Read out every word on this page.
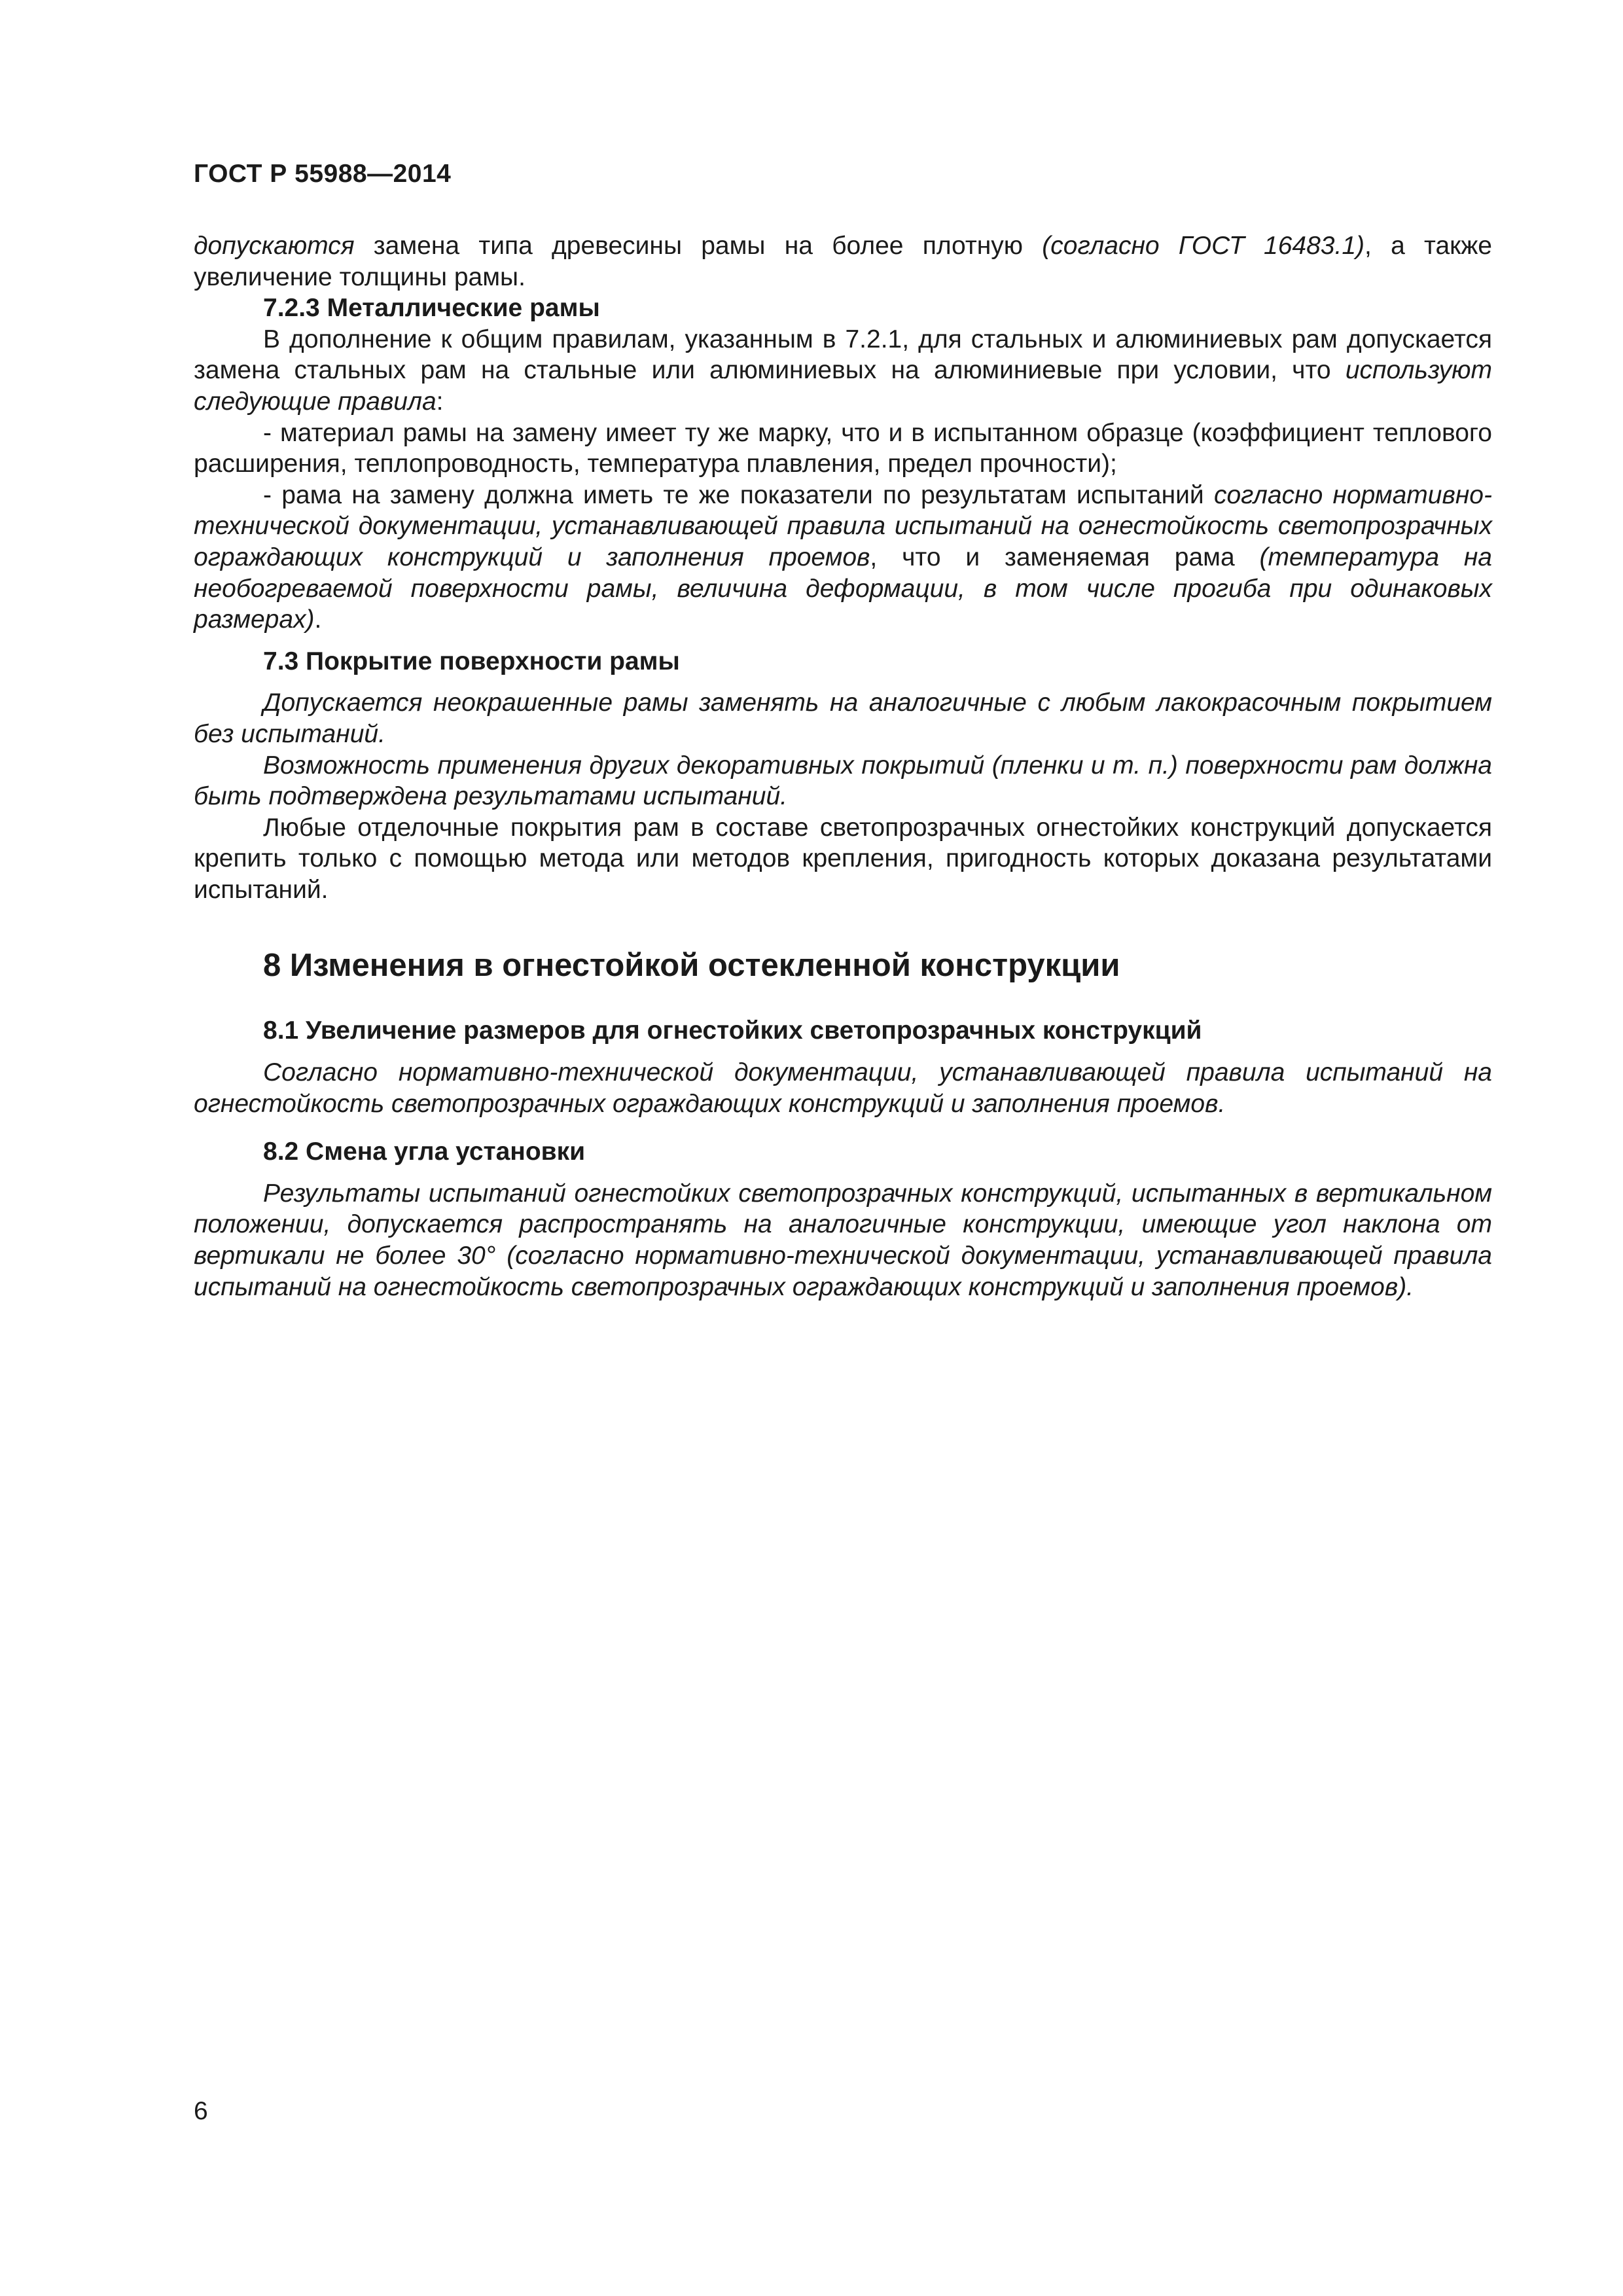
ГОСТ Р 55988—2014

допускаются замена типа древесины рамы на более плотную (согласно ГОСТ 16483.1), а также увеличение толщины рамы.

7.2.3 Металлические рамы

В дополнение к общим правилам, указанным в 7.2.1, для стальных и алюминиевых рам допускается замена стальных рам на стальные или алюминиевых на алюминиевые при условии, что используют следующие правила:

- материал рамы на замену имеет ту же марку, что и в испытанном образце (коэффициент теплового расширения, теплопроводность, температура плавления, предел прочности);

- рама на замену должна иметь те же показатели по результатам испытаний согласно нормативно-технической документации, устанавливающей правила испытаний на огнестойкость светопрозрачных ограждающих конструкций и заполнения проемов, что и заменяемая рама (температура на необогреваемой поверхности рамы, величина деформации, в том числе прогиба при одинаковых размерах).

7.3 Покрытие поверхности рамы

Допускается неокрашенные рамы заменять на аналогичные с любым лакокрасочным покрытием без испытаний.

Возможность применения других декоративных покрытий (пленки и т. п.) поверхности рам должна быть подтверждена результатами испытаний.

Любые отделочные покрытия рам в составе светопрозрачных огнестойких конструкций допускается крепить только с помощью метода или методов крепления, пригодность которых доказана результатами испытаний.

8 Изменения в огнестойкой остекленной конструкции
8.1 Увеличение размеров для огнестойких светопрозрачных конструкций

Согласно нормативно-технической документации, устанавливающей правила испытаний на огнестойкость светопрозрачных ограждающих конструкций и заполнения проемов.

8.2 Смена угла установки

Результаты испытаний огнестойких светопрозрачных конструкций, испытанных в вертикальном положении, допускается распространять на аналогичные конструкции, имеющие угол наклона от вертикали не более 30° (согласно нормативно-технической документации, устанавливающей правила испытаний на огнестойкость светопрозрачных ограждающих конструкций и заполнения проемов).

6
